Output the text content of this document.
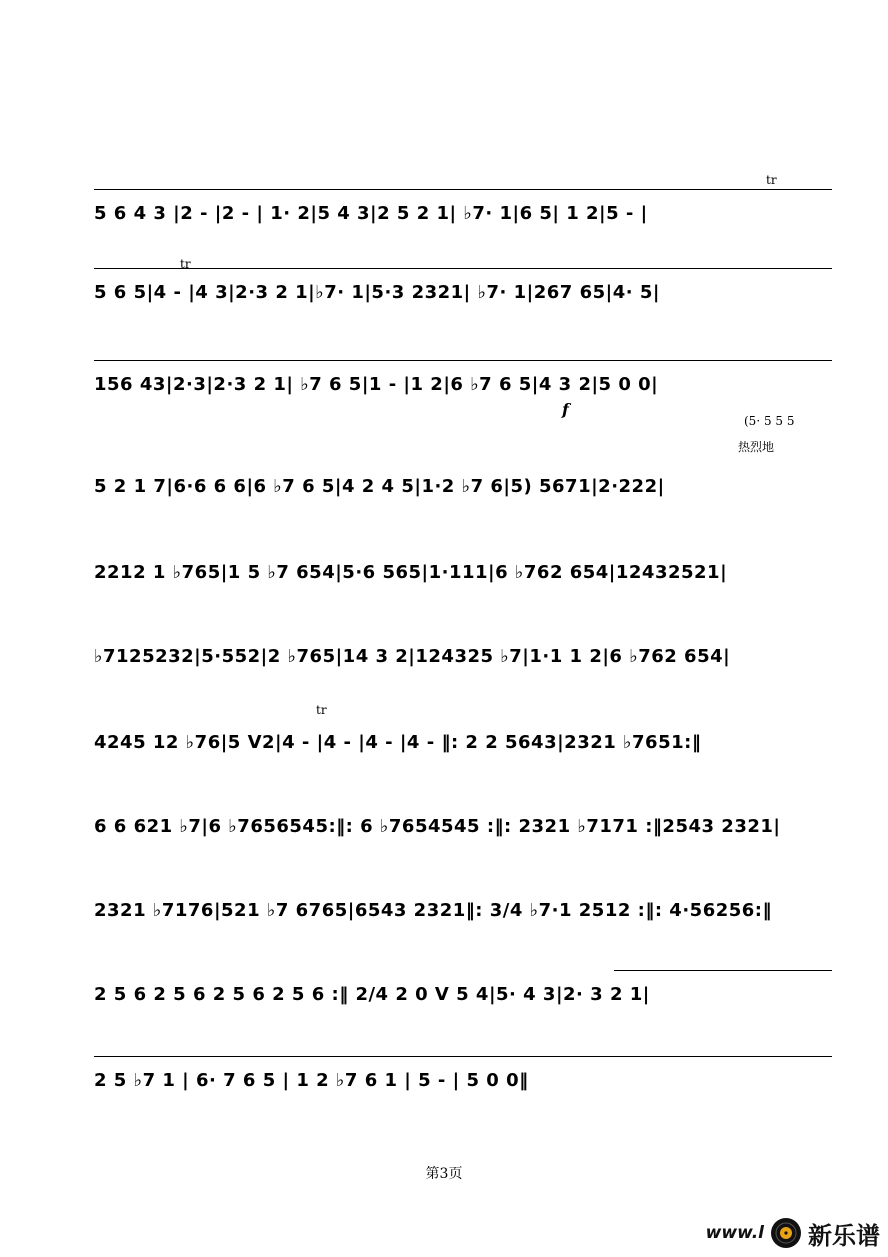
5 6 4 3 |2 - |2 - | 1· 2|5 4 3|2 5 2 1| ♭7· 1|6 5| 1 2|5 - |
tr
5 6 5|4 - |4 3|2·3 2 1|♭7· 1|5·3 2321| ♭7· 1|267 65|4· 5|
tr
156 43|2·3|2·3 2 1| ♭7 6 5|1 - |1 2|6 ♭7 6 5|4 3 2|5 0 0|
f
(5· 5 5 5
热烈地
5 2 1 7|6·6 6 6|6 ♭7 6 5|4 2 4 5|1·2 ♭7 6|5) 5671|2·222|
2212 1 ♭765|1 5 ♭7 654|5·6 565|1·111|6 ♭762 654|12432521|
♭7125232|5·552|2 ♭765|14 3 2|124325 ♭7|1·1 1 2|6 ♭762 654|
4245 12 ♭76|5 V2|4 - |4 - |4 - |4 - ‖: 2 2 5643|2321 ♭7651:‖
tr
6 6 621 ♭7|6 ♭7656545:‖: 6 ♭7654545 :‖: 2321 ♭7171 :‖2543 2321|
2321 ♭7176|521 ♭7 6765|6543 2321‖: 3/4 ♭7·1 2512 :‖: 4·56256:‖
2 5 6 2 5 6 2 5 6 2 5 6 :‖ 2/4 2 0 V 5 4|5· 4 3|2· 3 2 1|
2 5 ♭7 1 | 6· 7 6 5 | 1 2 ♭7 6 1 | 5 - | 5 0 0‖
第3页
www.l 新乐谱
